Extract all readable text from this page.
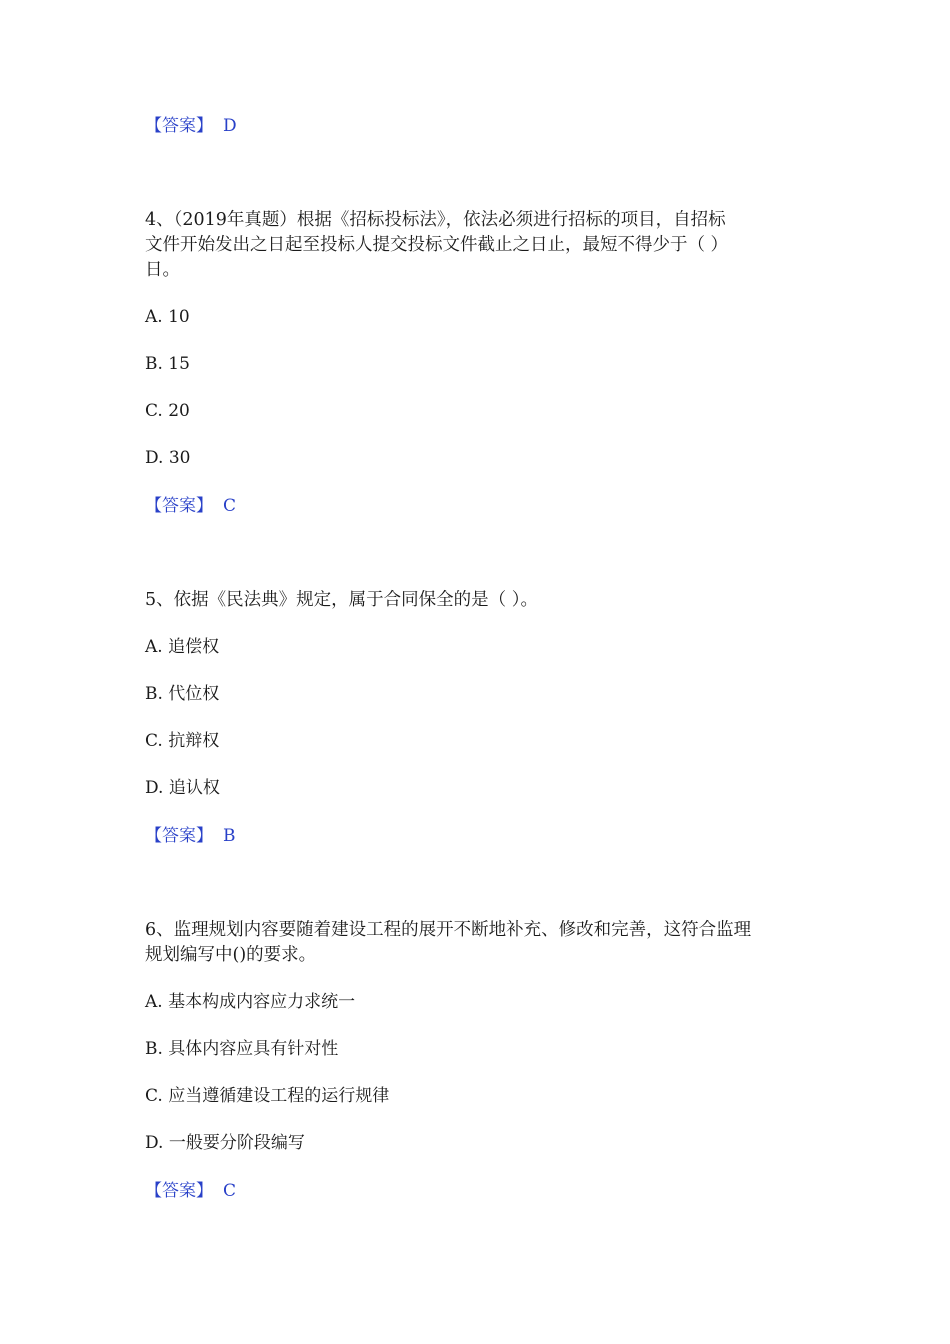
【答案】 D
4、（2019年真题）根据《招标投标法》，依法必须进行招标的项目，自招标
文件开始发出之日起至投标人提交投标文件截止之日止，最短不得少于（ ）
日。
A. 10
B. 15
C. 20
D. 30
【答案】 C
5、依据《民法典》规定，属于合同保全的是（ ）。
A. 追偿权
B. 代位权
C. 抗辩权
D. 追认权
【答案】 B
6、监理规划内容要随着建设工程的展开不断地补充、修改和完善，这符合监理
规划编写中()的要求。
A. 基本构成内容应力求统一
B. 具体内容应具有针对性
C. 应当遵循建设工程的运行规律
D. 一般要分阶段编写
【答案】 C
